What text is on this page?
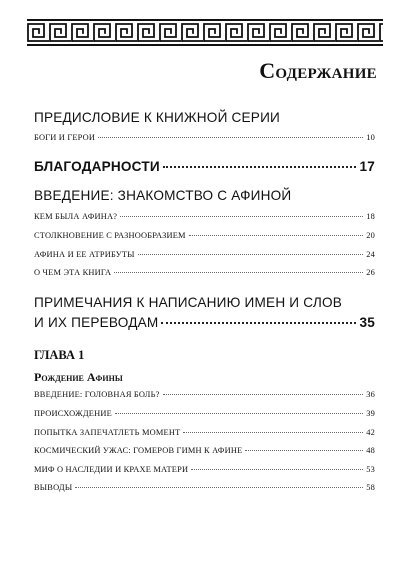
Содержание
ПРЕДИСЛОВИЕ К КНИЖНОЙ СЕРИИ
БОГИ И ГЕРОИ	10
БЛАГОДАРНОСТИ	17
ВВЕДЕНИЕ: ЗНАКОМСТВО С АФИНОЙ
КЕМ БЫЛА АФИНА?	18
СТОЛКНОВЕНИЕ С РАЗНООБРАЗИЕМ	20
АФИНА И ЕЕ АТРИБУТЫ	24
О ЧЕМ ЭТА КНИГА	26
ПРИМЕЧАНИЯ К НАПИСАНИЮ ИМЕН И СЛОВ
И ИХ ПЕРЕВОДАМ	35
ГЛАВА 1
Рождение Афины
ВВЕДЕНИЕ: ГОЛОВНАЯ БОЛЬ?	36
ПРОИСХОЖДЕНИЕ	39
ПОПЫТКА ЗАПЕЧАТЛЕТЬ МОМЕНТ	42
КОСМИЧЕСКИЙ УЖАС: ГОМЕРОВ ГИМН К АФИНЕ	48
МИФ О НАСЛЕДИИ И КРАХЕ МАТЕРИ	53
ВЫВОДЫ	58
